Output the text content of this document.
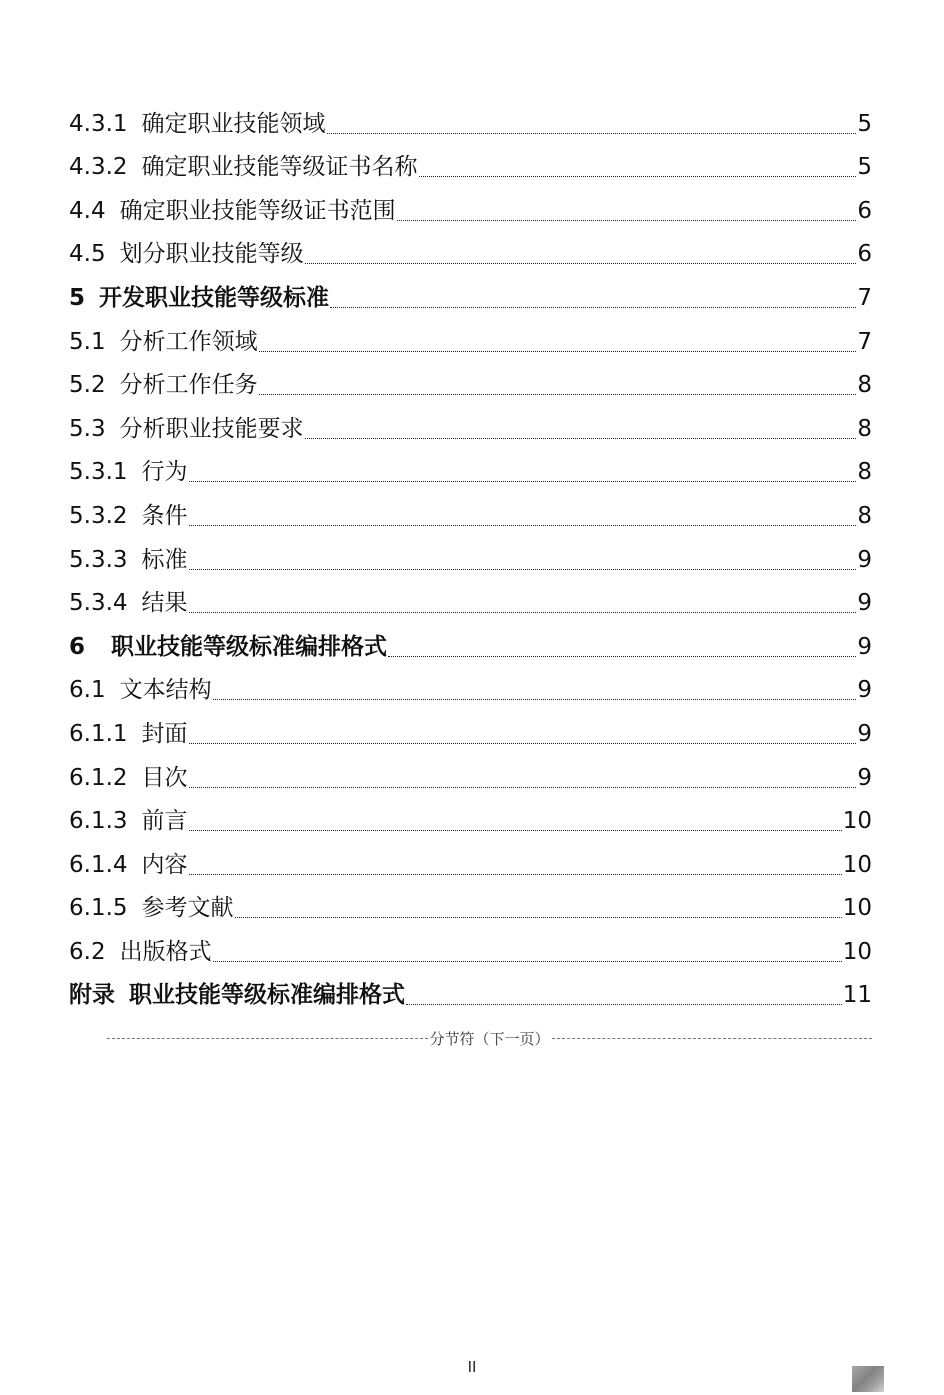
4.3.1 确定职业技能领域	5
4.3.2 确定职业技能等级证书名称	5
4.4 确定职业技能等级证书范围	6
4.5 划分职业技能等级	6
5 开发职业技能等级标准	7
5.1 分析工作领域	7
5.2 分析工作任务	8
5.3 分析职业技能要求	8
5.3.1 行为	8
5.3.2 条件	8
5.3.3 标准	9
5.3.4 结果	9
6 职业技能等级标准编排格式	9
6.1 文本结构	9
6.1.1 封面	9
6.1.2 目次	9
6.1.3 前言	10
6.1.4 内容	10
6.1.5 参考文献	10
6.2 出版格式	10
附录 职业技能等级标准编排格式	11
分节符（下一页）
II
